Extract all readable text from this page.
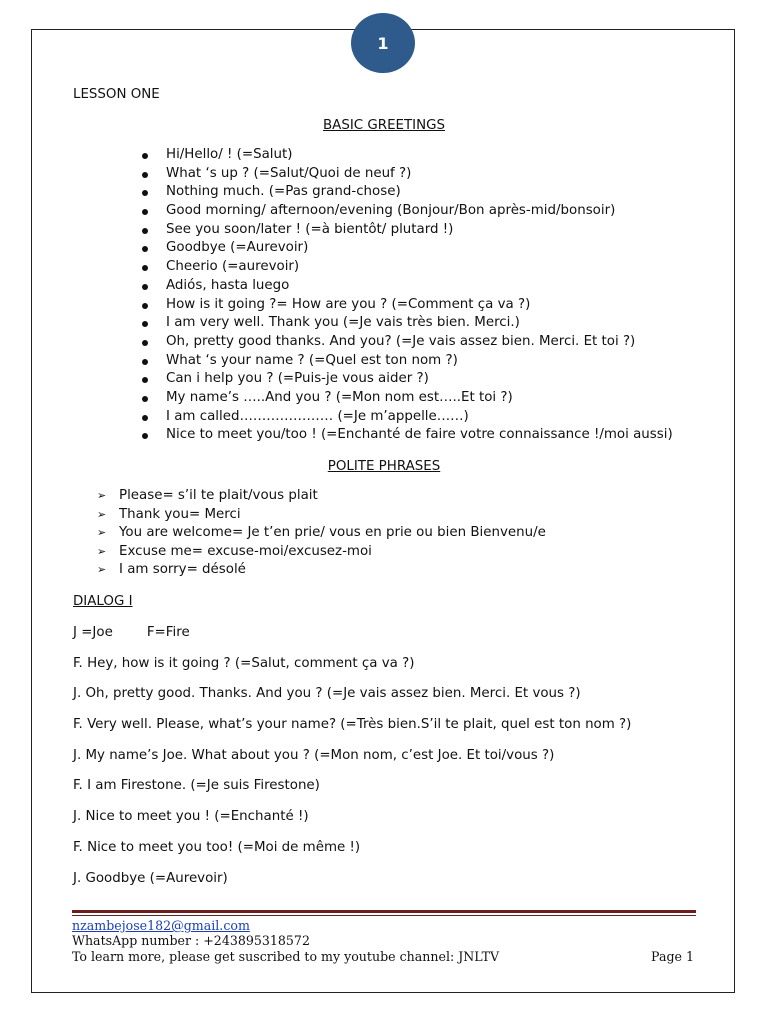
1
LESSON ONE
BASIC GREETINGS
Hi/Hello/ ! (=Salut)
What ‘s up ? (=Salut/Quoi de neuf ?)
Nothing much. (=Pas grand-chose)
Good morning/ afternoon/evening (Bonjour/Bon après-mid/bonsoir)
See you soon/later ! (=à bientôt/ plutard !)
Goodbye (=Aurevoir)
Cheerio (=aurevoir)
Adiós, hasta luego
How is it going ?= How are you ? (=Comment ça va ?)
I am very well. Thank you (=Je vais très bien. Merci.)
Oh, pretty good thanks. And you? (=Je vais assez bien. Merci. Et toi ?)
What ‘s your name ? (=Quel est ton nom ?)
Can i help you ? (=Puis-je vous aider ?)
My name’s …..And you ? (=Mon nom est…..Et toi ?)
I am called………………… (=Je m’appelle……)
Nice to meet you/too ! (=Enchanté de faire votre connaissance !/moi aussi)
POLITE PHRASES
➢ Please= s’il te plait/vous plait
➢ Thank you= Merci
➢ You are welcome= Je t’en prie/ vous en prie ou bien Bienvenu/e
➢ Excuse me= excuse-moi/excusez-moi
➢ I am sorry= désolé
DIALOG I
J =Joe        F=Fire
F. Hey, how is it going ? (=Salut, comment ça va ?)
J. Oh, pretty good. Thanks. And you ? (=Je vais assez bien. Merci. Et vous ?)
F. Very well. Please, what’s your name? (=Très bien.S’il te plait, quel est ton nom ?)
J. My name’s Joe. What about you ? (=Mon nom, c’est Joe. Et toi/vous ?)
F. I am Firestone. (=Je suis Firestone)
J. Nice to meet you ! (=Enchanté !)
F. Nice to meet you too! (=Moi de même !)
J. Goodbye (=Aurevoir)
nzambejose182@gmail.com
WhatsApp number : +243895318572
To learn more, please get suscribed to my youtube channel: JNLTV	Page 1
